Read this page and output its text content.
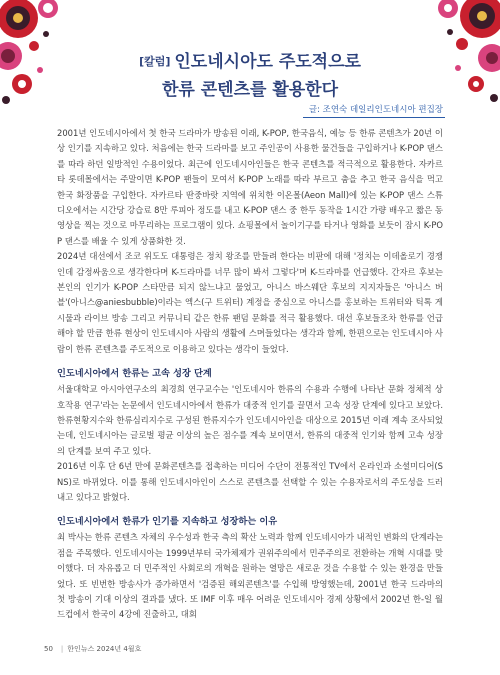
[칼럼] 인도네시아도 주도적으로
한류 콘텐츠를 활용한다
글: 조연숙 데일리인도네시아 편집장

2001년 인도네시아에서 첫 한국 드라마가 방송된 이래, K-POP, 한국음식, 예능 등 한류 콘텐츠가 20년 이상 인기를 지속하고 있다. 처음에는 한국 드라마를 보고 주인공이 사용한 물건들을 구입하거나 K-POP 댄스를 따라 하던 일방적인 수용이었다. 최근에 인도네시아인들은 한국 콘텐츠를 적극적으로 활용한다. 자카르타 롯데몰에서는 주말이면 K-POP 팬들이 모여서 K-POP 노래를 따라 부르고 춤을 추고 한국 음식을 먹고 한국 화장품을 구입한다. 자카르타 딴중바랏 지역에 위치한 이온몰(Aeon Mall)에 있는 K-POP 댄스 스튜디오에서는 시간당 강습료 8만 루피아 정도를 내고 K-POP 댄스 중 한두 동작을 1시간 가량 배우고 짧은 동영상을 찍는 것으로 마무리하는 프로그램이 있다. 쇼핑몰에서 놀이기구를 타거나 영화를 보듯이 잠시 K-POP 댄스를 배울 수 있게 상품화한 것.

2024년 대선에서 조코 위도도 대통령은 정치 왕조를 만들려 한다는 비판에 대해 '정치는 이데올로기 경쟁인데 감정싸움으로 생각한다며 K-드라마를 너무 많이 봐서 그렇다'며 K-드라마를 언급했다. 간자르 후보는 본인의 인기가 K-POP 스타만큼 되지 않느냐고 물었고, 아니스 바스웨단 후보의 지지자들은 '아니스 버블'(아니스@aniesbubble)이라는 엑스(구 트위터) 계정을 중심으로 아니스를 홍보하는 트위터와 틱톡 게시물과 라이브 방송 그리고 커뮤니티 같은 한류 팬덤 문화를 적극 활용했다. 대선 후보들조차 한류를 언급해야 할 만큼 한류 현상이 인도네시아 사람의 생활에 스며들었다는 생각과 함께, 한편으로는 인도네시아 사람이 한류 콘텐츠를 주도적으로 이용하고 있다는 생각이 들었다.

인도네시아에서 한류는 고속 성장 단계

서울대학교 아시아연구소의 최경희 연구교수는 '인도네시아 한류의 수용과 수행에 나타난 문화 정체적 상호작용 연구'라는 논문에서 인도네시아에서 한류가 대중적 인기를 끌면서 고속 성장 단계에 있다고 보았다. 한류현황지수와 한류심리지수로 구성된 한류지수가 인도네시아인을 대상으로 2015년 이래 계속 조사되었는데, 인도네시아는 글로벌 평균 이상의 높은 점수를 계속 보이면서, 한류의 대중적 인기와 함께 고속 성장의 단계를 보여 주고 있다.

2016년 이후 단 6년 만에 문화콘텐츠를 접촉하는 미디어 수단이 전통적인 TV에서 온라인과 소셜미디어(SNS)로 바뀌었다. 이를 통해 인도네시아인이 스스로 콘텐츠를 선택할 수 있는 수용자로서의 주도성을 드러내고 있다고 밝혔다.

인도네시아에서 한류가 인기를 지속하고 성장하는 이유

최 박사는 한류 콘텐츠 자체의 우수성과 한국 측의 확산 노력과 함께 인도네시아가 내적인 변화의 단계라는 점을 주목했다. 인도네시아는 1999년부터 국가체제가 권위주의에서 민주주의로 전환하는 개혁 시대를 맞이했다. 더 자유롭고 더 민주적인 사회로의 개혁을 원하는 열망은 새로운 것을 수용할 수 있는 환경을 만들었다. 또 빈번한 방송사가 증가하면서 '검증된 해외콘텐츠'를 수입해 방영했는데, 2001년 한국 드라마의 첫 방송이 기대 이상의 결과를 냈다. 또 IMF 이후 매우 어려운 인도네시아 경제 상황에서 2002년 한-일 월드컵에서 한국이 4강에 진출하고, 대회

50 | 한인뉴스 2024년 4월호
